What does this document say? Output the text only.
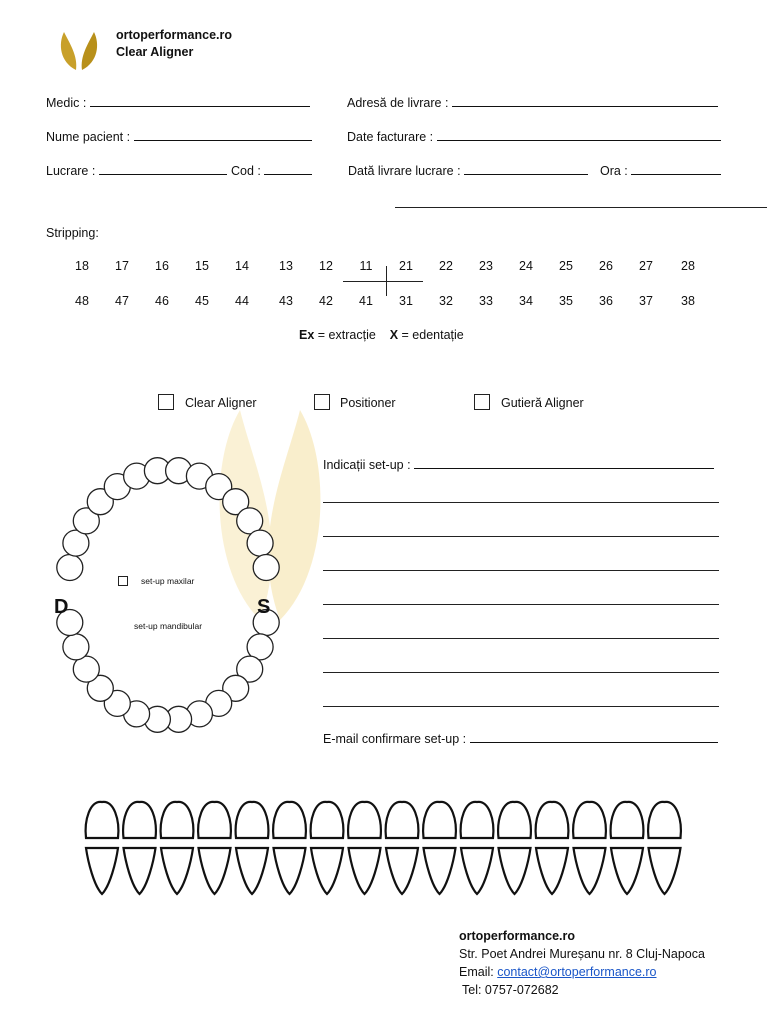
ortoperformance.ro
Clear Aligner
Medic :	Adresă de livrare :
Nume pacient :	Date facturare :
Lucrare :	Cod :	Dată livrare lucrare :	Ora :
Stripping:
18	17	16	15	14	13	12	11	21	22	23	24	25	26	27	28
48	47	46	45	44	43	42	41	31	32	33	34	35	36	37	38
Ex = extracție X = edentație
Clear Aligner	Positioner	Gutieră Aligner
D	S
set-up maxilar
set-up mandibular
Indicații set-up :
E-mail confirmare set-up :
ortoperformance.ro
Str. Poet Andrei Mureșanu nr. 8 Cluj-Napoca
Email: contact@ortoperformance.ro
Tel: 0757-072682
